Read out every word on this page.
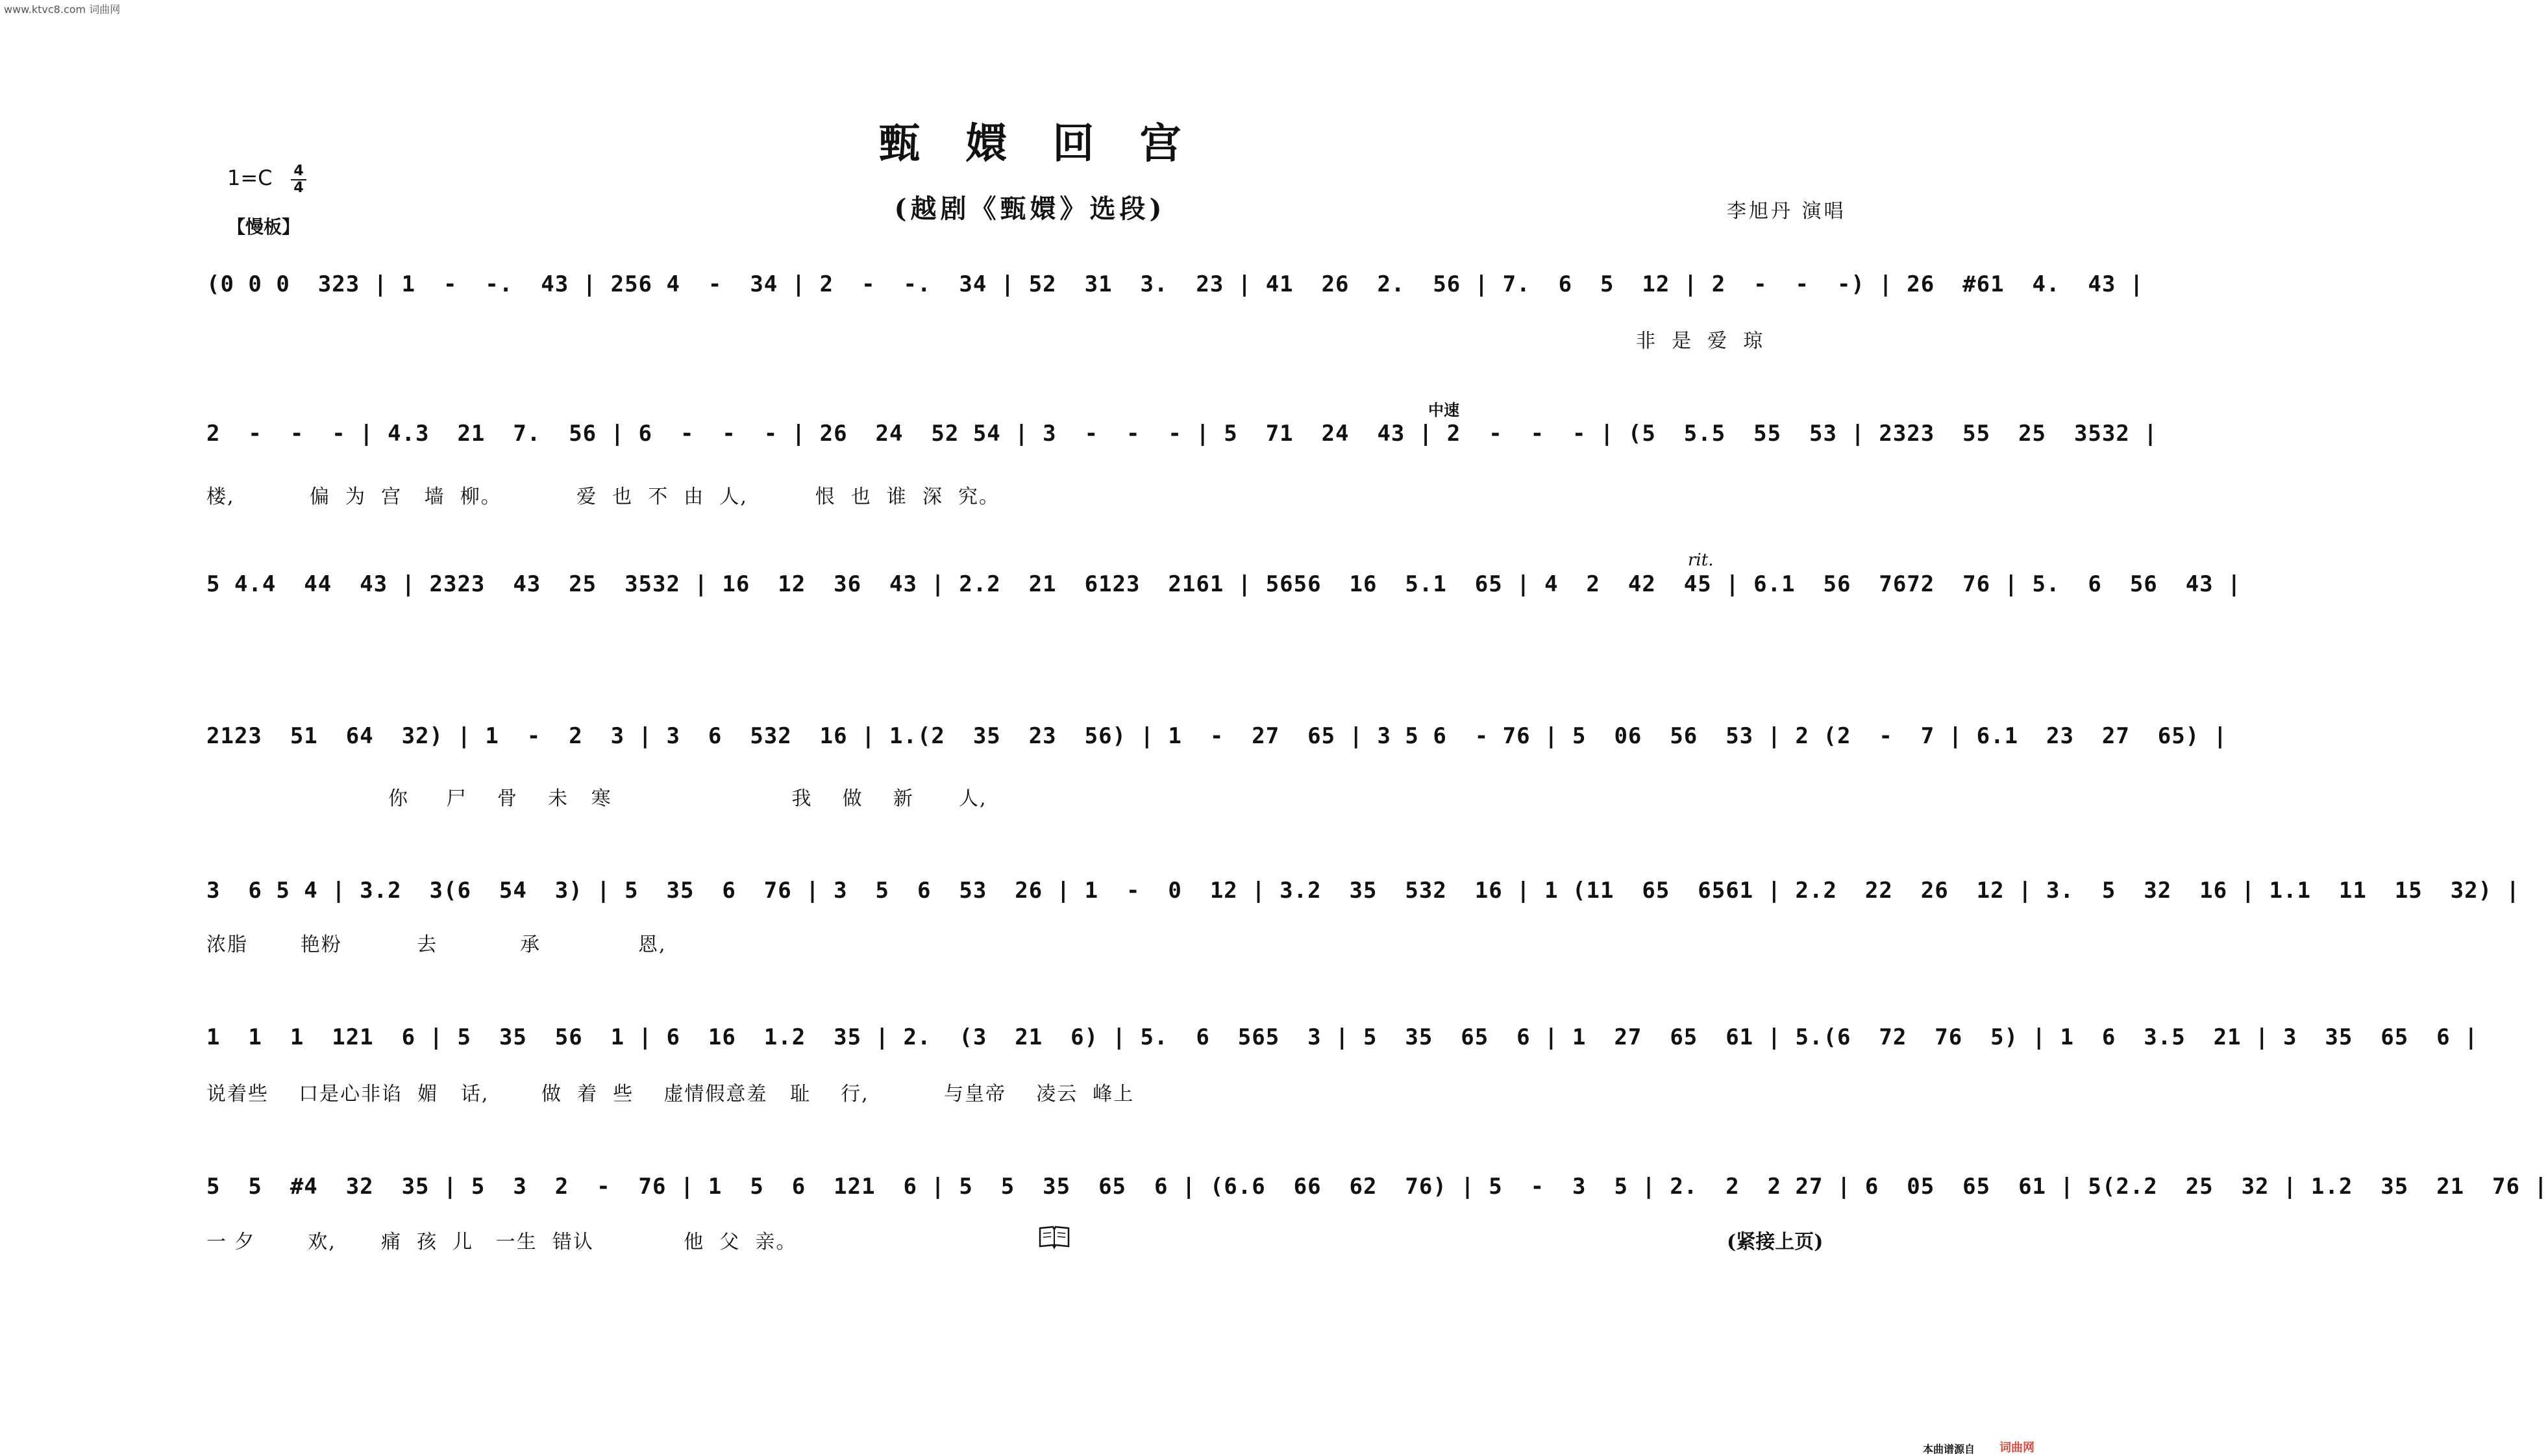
www.ktvc8.com 词曲网
甄嬛回宫
(越剧《甄嬛》选段)	李旭丹 演唱
1=C 4
4
【慢板】
中速
rit.
(0 0 0  323 | 1  -  -.  43 | 256 4  -  34 | 2  -  -.  34 | 52  31  3.  23 | 41  26  2.  56 | 7.  6  5  12 | 2  -  -  -) | 26  #61  4.  43 |
非  是  爱  琼
2  -  -  - | 4.3  21  7.  56 | 6  -  -  - | 26  24  52 54 | 3  -  -  - | 5  71  24  43 | 2  -  -  - | (5  5.5  55  53 | 2323  55  25  3532 |
楼,          偏  为  宫   墙  柳。          爱  也  不  由  人,         恨  也  谁  深  究。
5 4.4  44  43 | 2323  43  25  3532 | 16  12  36  43 | 2.2  21  6123  2161 | 5656  16  5.1  65 | 4  2  42  45 | 6.1  56  7672  76 | 5.  6  56  43 |
2123  51  64  32) | 1  -  2  3 | 3  6  532  16 | 1.(2  35  23  56) | 1  -  27  65 | 3 5 6  - 76 | 5  06  56  53 | 2 (2  -  7 | 6.1  23  27  65) |
你     尸    骨    未   寒                        我    做    新      人,
3  6 5 4 | 3.2  3(6  54  3) | 5  35  6  76 | 3  5  6  53  26 | 1  -  0  12 | 3.2  35  532  16 | 1 (11  65  6561 | 2.2  22  26  12 | 3.  5  32  16 | 1.1  11  15  32) |
浓脂       艳粉          去           承             恩,
1  1  1  121  6 | 5  35  56  1 | 6  16  1.2  35 | 2.  (3  21  6) | 5.  6  565  3 | 5  35  65  6 | 1  27  65  61 | 5.(6  72  76  5) | 1  6  3.5  21 | 3  35  65  6 |
说着些    口是心非谄  媚   话,       做  着  些    虚情假意羞   耻    行,          与皇帝    凌云  峰上
5  5  #4  32  35 | 5  3  2  -  76 | 1  5  6  121  6 | 5  5  35  65  6 | (6.6  66  62  76) | 5  -  3  5 | 2.  2  2 27 | 6  05  65  61 | 5(2.2  25  32 | 1.2  35  21  76 |
一 夕       欢,      痛  孩  儿   一生  错认            他  父  亲。	(紧接上页)
本曲谱源自 词曲网
